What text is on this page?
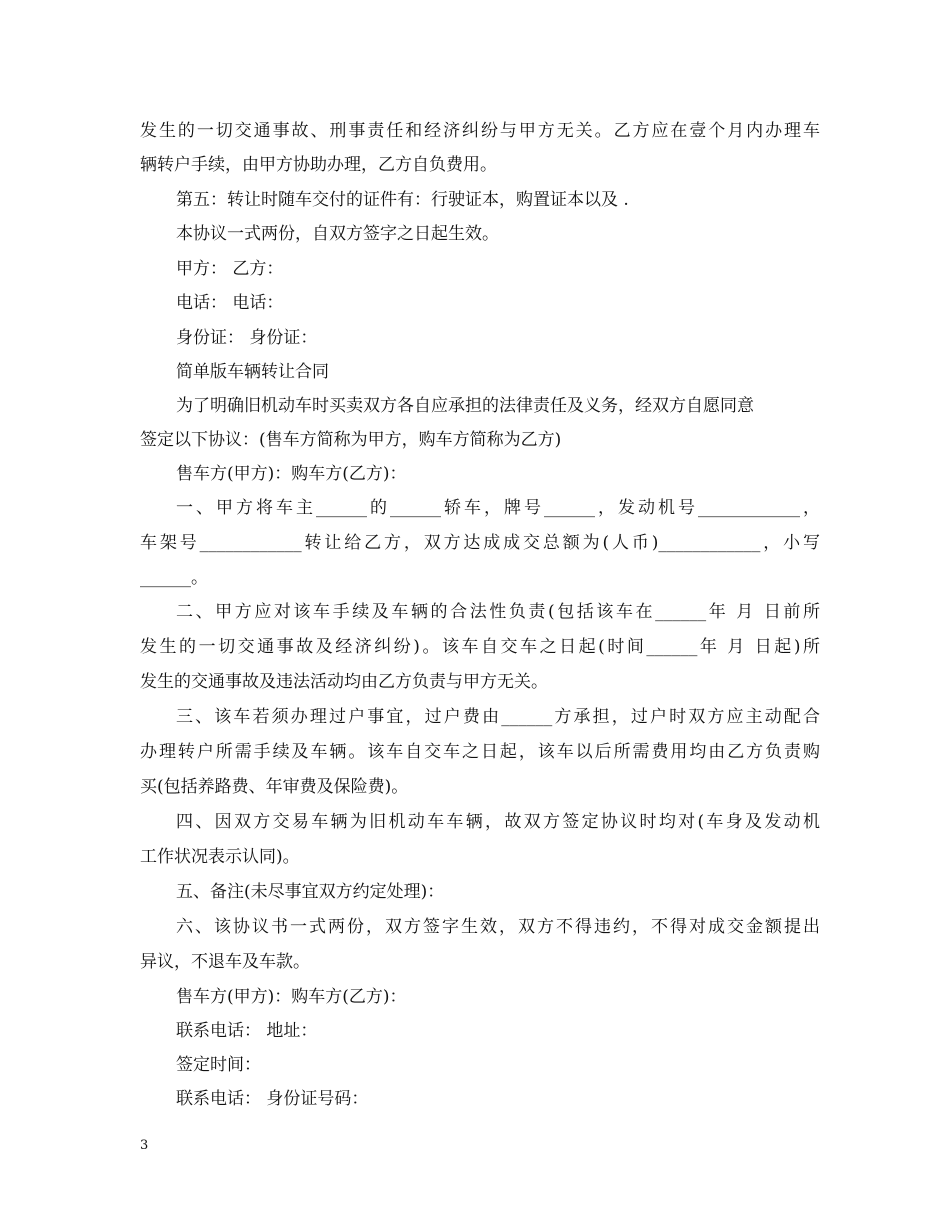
发生的一切交通事故、刑事责任和经济纠纷与甲方无关。乙方应在壹个月内办理车
辆转户手续，由甲方协助办理，乙方自负费用。
第五：转让时随车交付的证件有：行驶证本，购置证本以及 .
本协议一式两份，自双方签字之日起生效。
甲方： 乙方：
电话： 电话：
身份证： 身份证：
简单版车辆转让合同
为了明确旧机动车时买卖双方各自应承担的法律责任及义务，经双方自愿同意
签定以下协议：(售车方简称为甲方，购车方简称为乙方)
售车方(甲方)：购车方(乙方)：
一、甲方将车主______的______轿车，牌号______，发动机号____________，
车架号____________转让给乙方，双方达成成交总额为(人币)____________，小写
______。
二、甲方应对该车手续及车辆的合法性负责(包括该车在______年 月 日前所
发生的一切交通事故及经济纠纷)。该车自交车之日起(时间______年 月 日起)所
发生的交通事故及违法活动均由乙方负责与甲方无关。
三、该车若须办理过户事宜，过户费由______方承担，过户时双方应主动配合
办理转户所需手续及车辆。该车自交车之日起，该车以后所需费用均由乙方负责购
买(包括养路费、年审费及保险费)。
四、因双方交易车辆为旧机动车车辆，故双方签定协议时均对(车身及发动机
工作状况表示认同)。
五、备注(未尽事宜双方约定处理)：
六、该协议书一式两份，双方签字生效，双方不得违约，不得对成交金额提出
异议，不退车及车款。
售车方(甲方)：购车方(乙方)：
联系电话： 地址：
签定时间：
联系电话： 身份证号码：
3
